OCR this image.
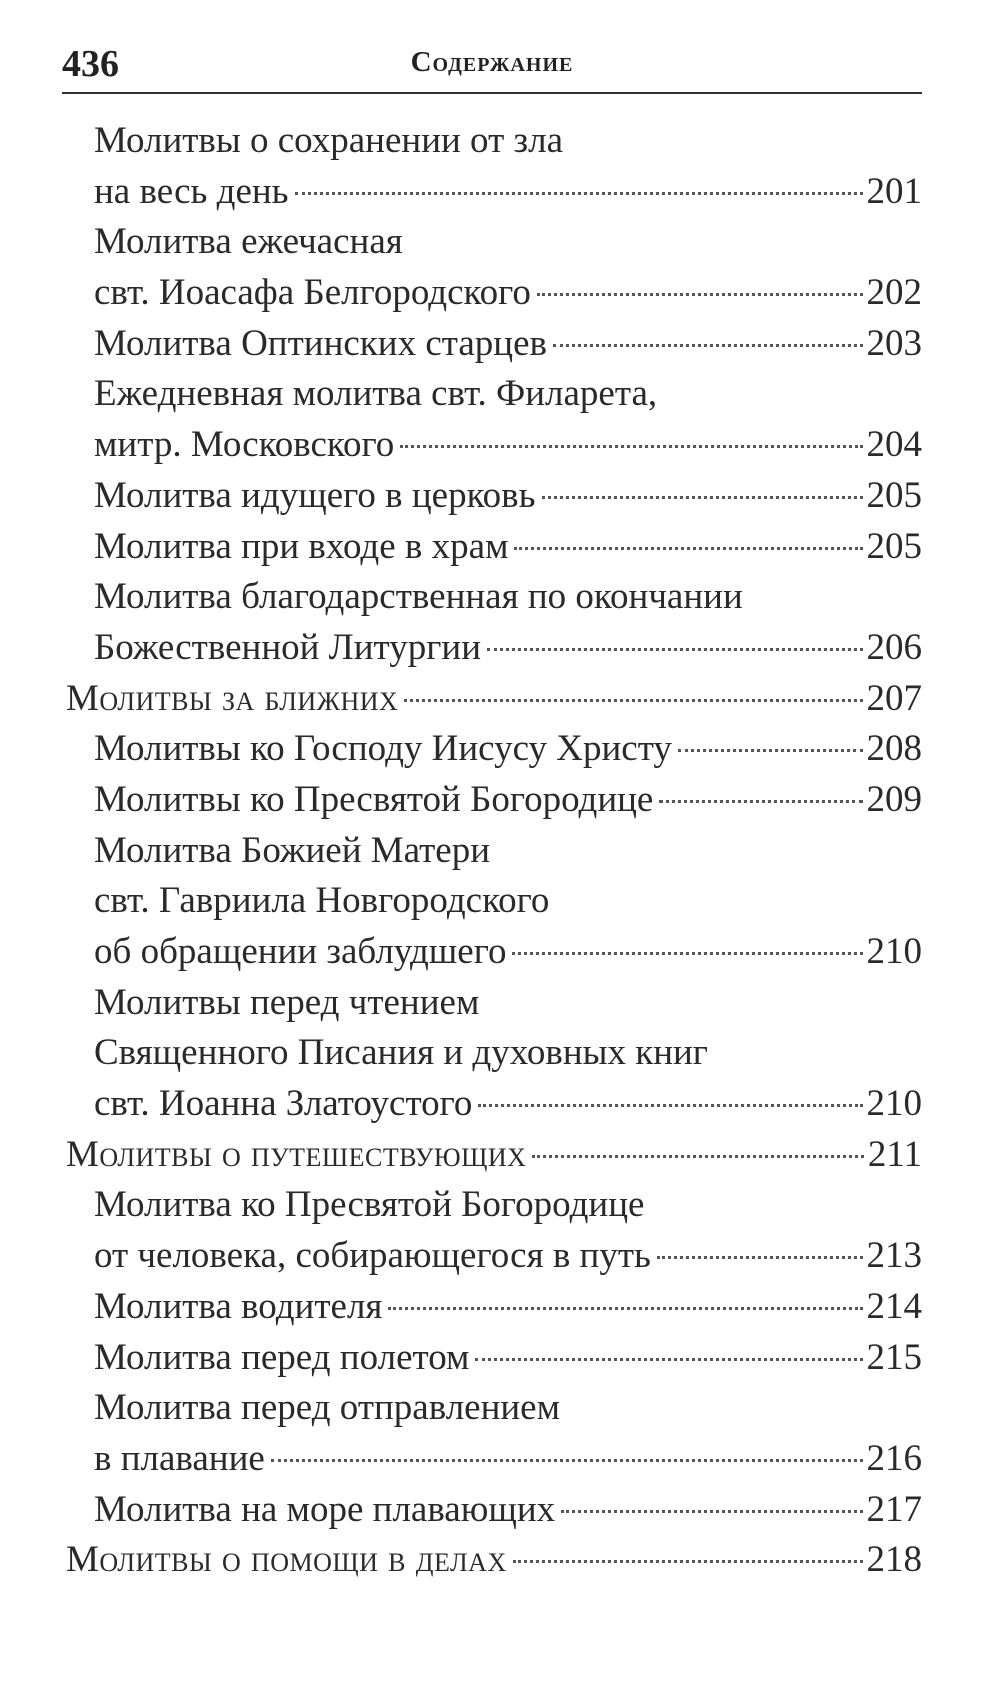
436	Содержание
Молитвы о сохранении от зла
на весь день	201
Молитва ежечасная
свт. Иоасафа Белгородского	202
Молитва Оптинских старцев	203
Ежедневная молитва свт. Филарета,
митр. Московского	204
Молитва идущего в церковь	205
Молитва при входе в храм	205
Молитва благодарственная по окончании
Божественной Литургии	206
Молитвы за ближних	207
Молитвы ко Господу Иисусу Христу	208
Молитвы ко Пресвятой Богородице	209
Молитва Божией Матери
свт. Гавриила Новгородского
об обращении заблудшего	210
Молитвы перед чтением
Священного Писания и духовных книг
свт. Иоанна Златоустого	210
Молитвы о путешествующих	211
Молитва ко Пресвятой Богородице
от человека, собирающегося в путь	213
Молитва водителя	214
Молитва перед полетом	215
Молитва перед отправлением
в плавание	216
Молитва на море плавающих	217
Молитвы о помощи в делах	218
